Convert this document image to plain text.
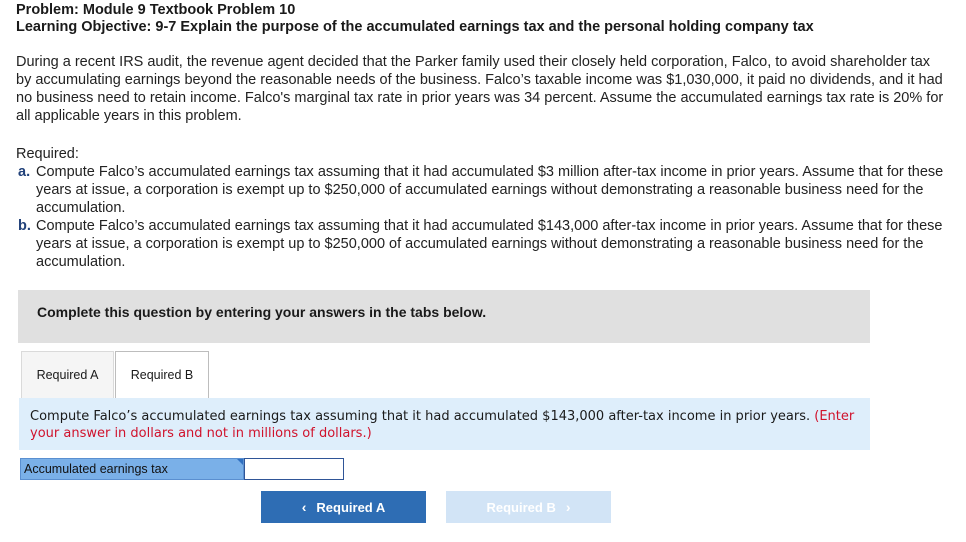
Problem: Module 9 Textbook Problem 10
Learning Objective: 9-7 Explain the purpose of the accumulated earnings tax and the personal holding company tax

During a recent IRS audit, the revenue agent decided that the Parker family used their closely held corporation, Falco, to avoid shareholder tax by accumulating earnings beyond the reasonable needs of the business. Falco’s taxable income was $1,030,000, it paid no dividends, and it had no business need to retain income. Falco's marginal tax rate in prior years was 34 percent. Assume the accumulated earnings tax rate is 20% for all applicable years in this problem.

Required:
a. Compute Falco’s accumulated earnings tax assuming that it had accumulated $3 million after-tax income in prior years. Assume that for these years at issue, a corporation is exempt up to $250,000 of accumulated earnings without demonstrating a reasonable business need for the accumulation.
b. Compute Falco’s accumulated earnings tax assuming that it had accumulated $143,000 after-tax income in prior years. Assume that for these years at issue, a corporation is exempt up to $250,000 of accumulated earnings without demonstrating a reasonable business need for the accumulation.
Complete this question by entering your answers in the tabs below.
Required A	Required B
Compute Falco’s accumulated earnings tax assuming that it had accumulated $143,000 after-tax income in prior years. (Enter your answer in dollars and not in millions of dollars.)
Accumulated earnings tax
‹ Required A	Required B ›
